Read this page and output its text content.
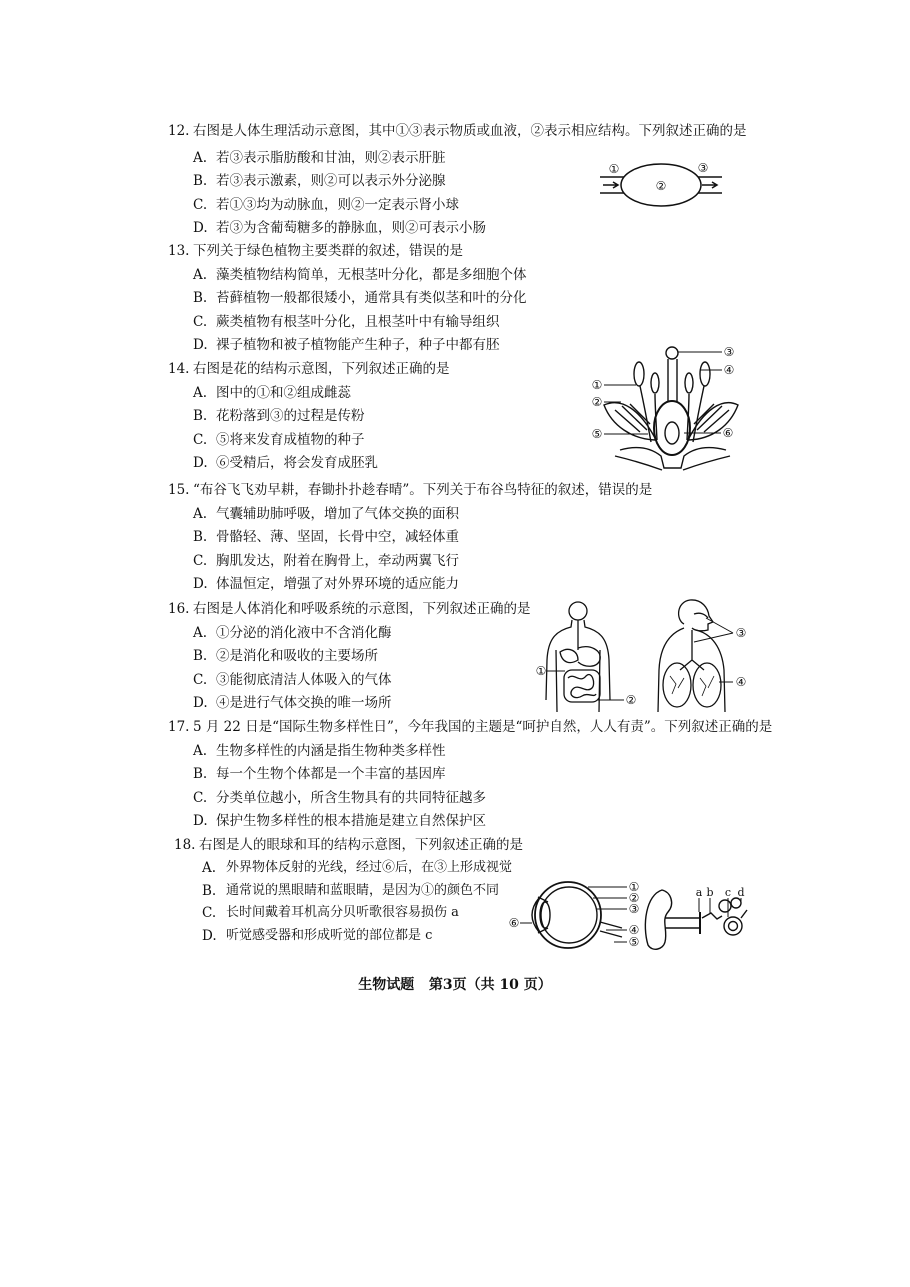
12. 右图是人体生理活动示意图，其中①③表示物质或血液，②表示相应结构。下列叙述正确的是
A. 若③表示脂肪酸和甘油，则②表示肝脏
B. 若③表示激素，则②可以表示外分泌腺
C. 若①③均为动脉血，则②一定表示肾小球
D. 若③为含葡萄糖多的静脉血，则②可表示小肠
13. 下列关于绿色植物主要类群的叙述，错误的是
A. 藻类植物结构简单，无根茎叶分化，都是多细胞个体
B. 苔藓植物一般都很矮小，通常具有类似茎和叶的分化
C. 蕨类植物有根茎叶分化，且根茎叶中有输导组织
D. 裸子植物和被子植物能产生种子，种子中都有胚
14. 右图是花的结构示意图，下列叙述正确的是
A. 图中的①和②组成雌蕊
B. 花粉落到③的过程是传粉
C. ⑤将来发育成植物的种子
D. ⑥受精后，将会发育成胚乳
15. “布谷飞飞劝早耕，春锄扑扑趁春晴”。下列关于布谷鸟特征的叙述，错误的是
A. 气囊辅助肺呼吸，增加了气体交换的面积
B. 骨骼轻、薄、坚固，长骨中空，减轻体重
C. 胸肌发达，附着在胸骨上，牵动两翼飞行
D. 体温恒定，增强了对外界环境的适应能力
16. 右图是人体消化和呼吸系统的示意图，下列叙述正确的是
A. ①分泌的消化液中不含消化酶
B. ②是消化和吸收的主要场所
C. ③能彻底清洁人体吸入的气体
D. ④是进行气体交换的唯一场所
17. 5 月 22 日是“国际生物多样性日”，今年我国的主题是“呵护自然，人人有责”。下列叙述正确的是
A. 生物多样性的内涵是指生物种类多样性
B. 每一个生物个体都是一个丰富的基因库
C. 分类单位越小，所含生物具有的共同特征越多
D. 保护生物多样性的根本措施是建立自然保护区
18. 右图是人的眼球和耳的结构示意图，下列叙述正确的是
A. 外界物体反射的光线，经过⑥后，在③上形成视觉
B. 通常说的黑眼睛和蓝眼睛，是因为①的颜色不同
C. 长时间戴着耳机高分贝听歌很容易损伤 a
D. 听觉感受器和形成听觉的部位都是 c
①
②
③
①
②
③
④
⑤	⑥
①
②
③
④
①
②
③
④
⑤
⑥
a b c d
生物试题   第3页（共 10 页）
